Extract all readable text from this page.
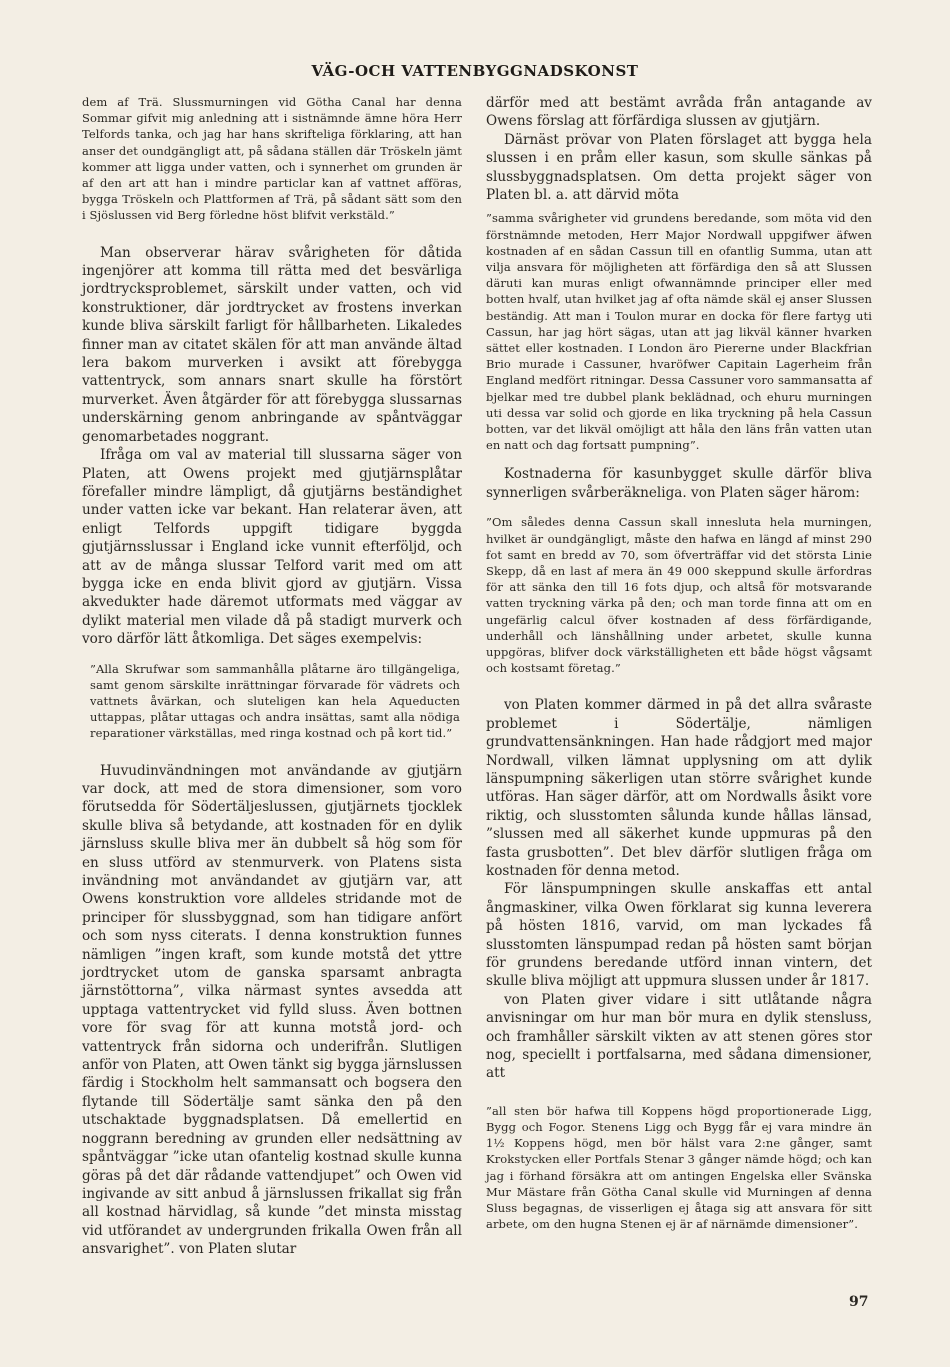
VÄG-OCH VATTENBYGGNADSKONST

dem af Trä. Slussmurningen vid Götha Canal har denna Sommar gifvit mig anledning att i sistnämnde ämne höra Herr Telfords tanka, och jag har hans skrifteliga förklaring, att han anser det oundgängligt att, på sådana ställen där Tröskeln jämt kommer att ligga under vatten, och i synnerhet om grunden är af den art att han i mindre particlar kan af vattnet afföras, bygga Tröskeln och Plattformen af Trä, på sådant sätt som den i Sjöslussen vid Berg förledne höst blifvit verkstäld.”

Man observerar härav svårigheten för dåtida ingenjörer att komma till rätta med det besvärliga jordtrycksproblemet, särskilt under vatten, och vid konstruktioner, där jordtrycket av frostens inverkan kunde bliva särskilt farligt för hållbarheten. Likaledes finner man av citatet skälen för att man använde ältad lera bakom murverken i avsikt att förebygga vattentryck, som annars snart skulle ha förstört murverket. Även åtgärder för att förebygga slussarnas underskärning genom anbringande av spåntväggar genomarbetades noggrant.

Ifråga om val av material till slussarna säger von Platen, att Owens projekt med gjutjärnsplåtar förefaller mindre lämpligt, då gjutjärns beständighet under vatten icke var bekant. Han relaterar även, att enligt Telfords uppgift tidigare byggda gjutjärnsslussar i England icke vunnit efterföljd, och att av de många slussar Telford varit med om att bygga icke en enda blivit gjord av gjutjärn. Vissa akvedukter hade däremot utformats med väggar av dylikt material men vilade då på stadigt murverk och voro därför lätt åtkomliga. Det säges exempelvis:

”Alla Skrufwar som sammanhålla plåtarne äro tillgängeliga, samt genom särskilte inrättningar förvarade för vädrets och vattnets åvärkan, och sluteligen kan hela Aqueducten uttappas, plåtar uttagas och andra insättas, samt alla nödiga reparationer värkställas, med ringa kostnad och på kort tid.”

Huvudinvändningen mot användande av gjutjärn var dock, att med de stora dimensioner, som voro förutsedda för Södertäljeslussen, gjutjärnets tjocklek skulle bliva så betydande, att kostnaden för en dylik järnsluss skulle bliva mer än dubbelt så hög som för en sluss utförd av stenmurverk. von Platens sista invändning mot användandet av gjutjärn var, att Owens konstruktion vore alldeles stridande mot de principer för slussbyggnad, som han tidigare anfört och som nyss citerats. I denna konstruktion funnes nämligen ”ingen kraft, som kunde motstå det yttre jordtrycket utom de ganska sparsamt anbragta järnstöttorna”, vilka närmast syntes avsedda att upptaga vattentrycket vid fylld sluss. Även bottnen vore för svag för att kunna motstå jord- och vattentryck från sidorna och underifrån. Slutligen anför von Platen, att Owen tänkt sig bygga järnslussen färdig i Stockholm helt sammansatt och bogsera den flytande till Södertälje samt sänka den på den utschaktade byggnadsplatsen. Då emellertid en noggrann beredning av grunden eller nedsättning av spåntväggar ”icke utan ofantelig kostnad skulle kunna göras på det där rådande vattendjupet” och Owen vid ingivande av sitt anbud å järnslussen frikallat sig från all kostnad härvidlag, så kunde ”det minsta misstag vid utförandet av undergrunden frikalla Owen från all ansvarighet”. von Platen slutar

därför med att bestämt avråda från antagande av Owens förslag att förfärdiga slussen av gjutjärn.

Därnäst prövar von Platen förslaget att bygga hela slussen i en pråm eller kasun, som skulle sänkas på slussbyggnadsplatsen. Om detta projekt säger von Platen bl. a. att därvid möta

”samma svårigheter vid grundens beredande, som möta vid den förstnämnde metoden, Herr Major Nordwall uppgifwer äfwen kostnaden af en sådan Cassun till en ofantlig Summa, utan att vilja ansvara för möjligheten att förfärdiga den så att Slussen däruti kan muras enligt ofwannämnde principer eller med botten hvalf, utan hvilket jag af ofta nämde skäl ej anser Slussen beständig. Att man i Toulon murar en docka för flere fartyg uti Cassun, har jag hört sägas, utan att jag likväl känner hvarken sättet eller kostnaden. I London äro Piererne under Blackfrian Brio murade i Cassuner, hvaröfwer Capitain Lagerheim från England medfört ritningar. Dessa Cassuner voro sammansatta af bjelkar med tre dubbel plank beklädnad, och ehuru murningen uti dessa var solid och gjorde en lika tryckning på hela Cassun botten, var det likväl omöjligt att håla den läns från vatten utan en natt och dag fortsatt pumpning”.

Kostnaderna för kasunbygget skulle därför bliva synnerligen svårberäkneliga. von Platen säger härom:

”Om således denna Cassun skall innesluta hela murningen, hvilket är oundgängligt, måste den hafwa en längd af minst 290 fot samt en bredd av 70, som öfverträffar vid det största Linie Skepp, då en last af mera än 49 000 skeppund skulle ärfordras för att sänka den till 16 fots djup, och altså för motsvarande vatten tryckning värka på den; och man torde finna att om en ungefärlig calcul öfver kostnaden af dess förfärdigande, underhåll och länshållning under arbetet, skulle kunna uppgöras, blifver dock värkställigheten ett både högst vågsamt och kostsamt företag.”

von Platen kommer därmed in på det allra svåraste problemet i Södertälje, nämligen grundvattensänkningen. Han hade rådgjort med major Nordwall, vilken lämnat upplysning om att dylik länspumpning säkerligen utan större svårighet kunde utföras. Han säger därför, att om Nordwalls åsikt vore riktig, och slusstomten sålunda kunde hållas länsad, ”slussen med all säkerhet kunde uppmuras på den fasta grusbotten”. Det blev därför slutligen fråga om kostnaden för denna metod.

För länspumpningen skulle anskaffas ett antal ångmaskiner, vilka Owen förklarat sig kunna leverera på hösten 1816, varvid, om man lyckades få slusstomten länspumpad redan på hösten samt början för grundens beredande utförd innan vintern, det skulle bliva möjligt att uppmura slussen under år 1817.

von Platen giver vidare i sitt utlåtande några anvisningar om hur man bör mura en dylik stensluss, och framhåller särskilt vikten av att stenen göres stor nog, speciellt i portfalsarna, med sådana dimensioner, att

”all sten bör hafwa till Koppens högd proportionerade Ligg, Bygg och Fogor. Stenens Ligg och Bygg får ej vara mindre än 1½ Koppens högd, men bör hälst vara 2:ne gånger, samt Krokstycken eller Portfals Stenar 3 gånger nämde högd; och kan jag i förhand försäkra att om antingen Engelska eller Svänska Mur Mästare från Götha Canal skulle vid Murningen af denna Sluss begagnas, de visserligen ej åtaga sig att ansvara för sitt arbete, om den hugna Stenen ej är af närnämde dimensioner”.

97
